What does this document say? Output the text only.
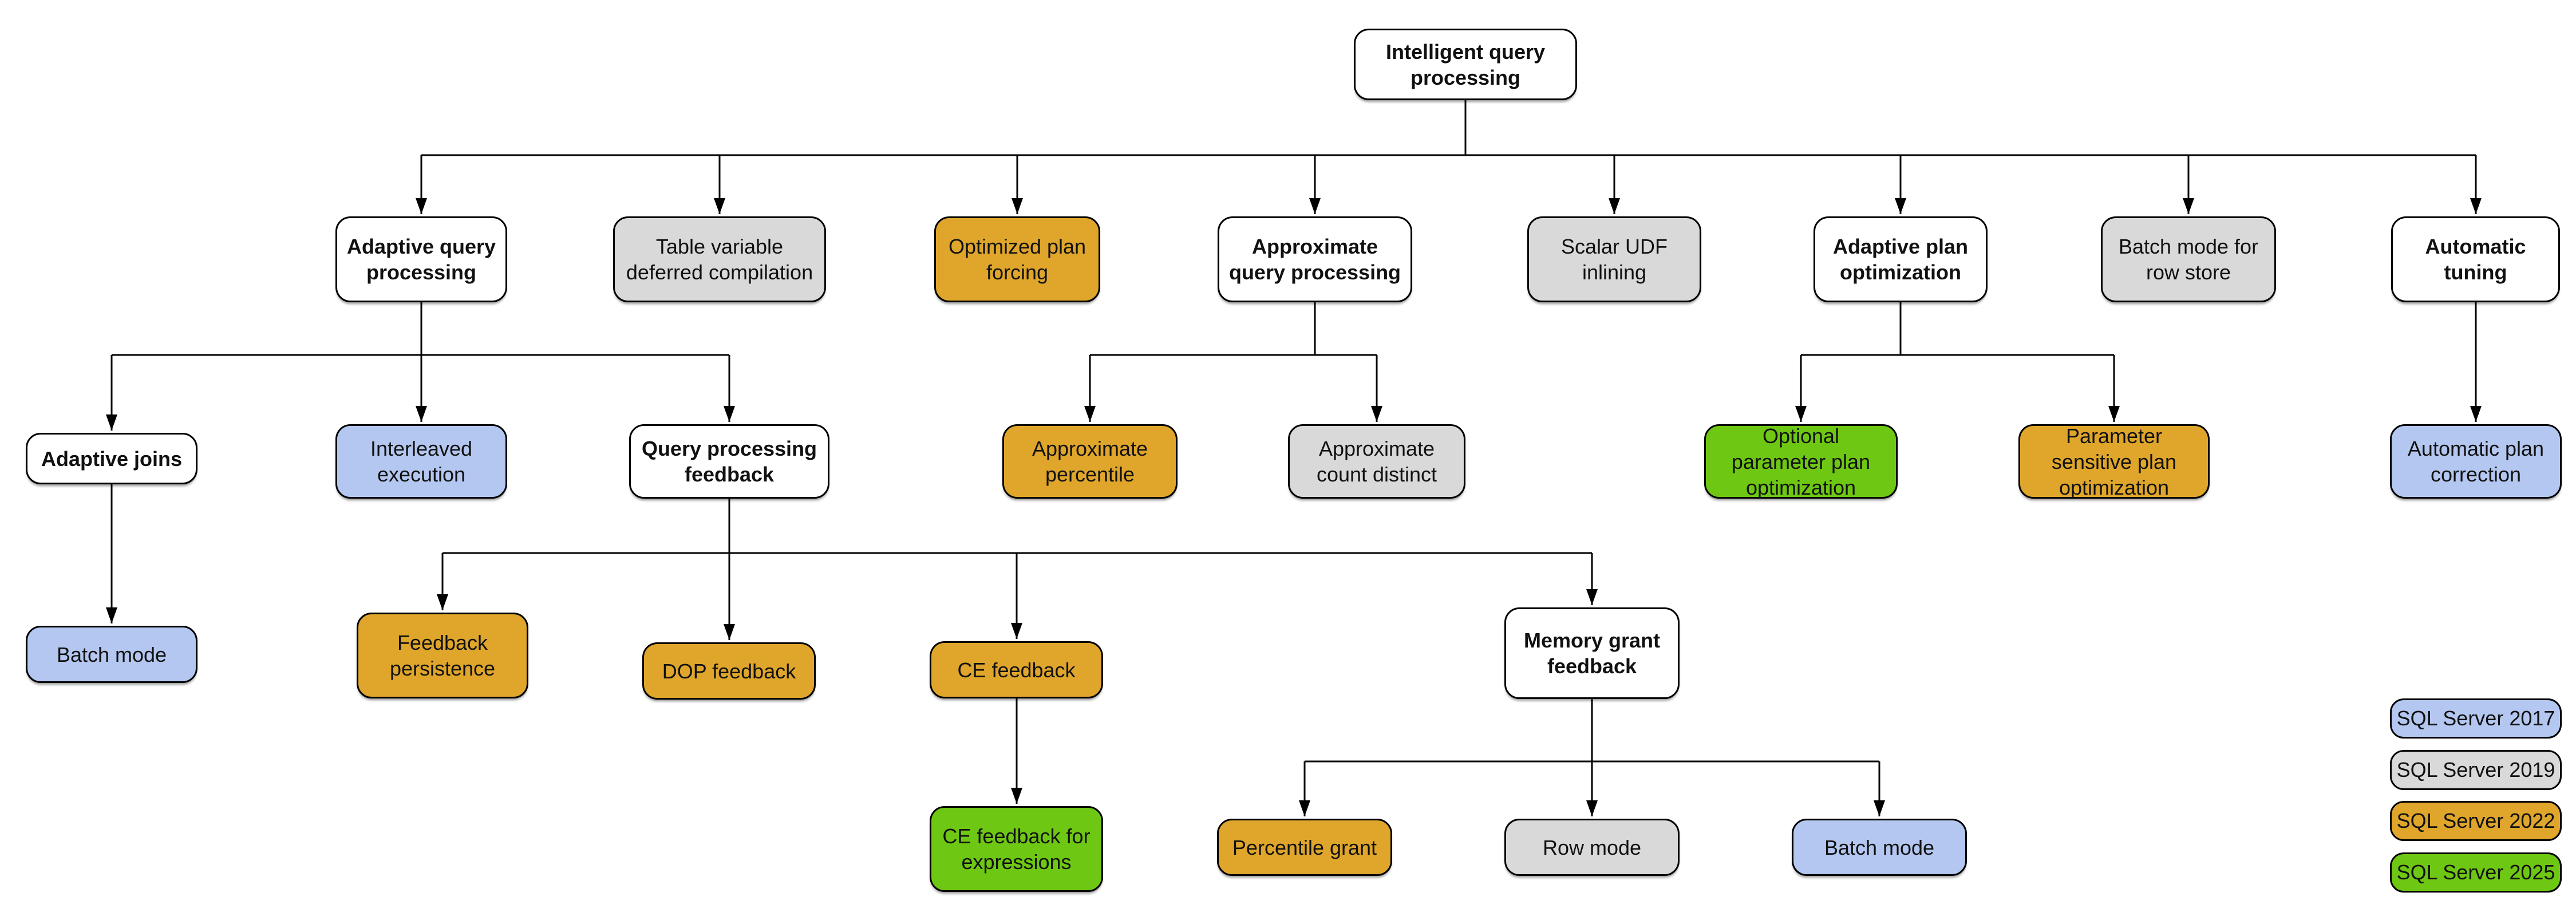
Intelligent query processing
Adaptive query processing
Table variable deferred compilation
Optimized plan forcing
Approximate query processing
Scalar UDF inlining
Adaptive plan optimization
Batch mode for row store
Automatic tuning
Adaptive joins	Interleaved execution
Query processing feedback
Approximate percentile
Approximate count distinct
Optional parameter plan optimization
Parameter sensitive plan optimization
Automatic plan correction
Batch mode	Feedback persistence	DOP feedback	CE feedback
Memory grant feedback
CE feedback for expressions
Percentile grant	Row mode	Batch mode
SQL Server 2017
SQL Server 2019
SQL Server 2022
SQL Server 2025
